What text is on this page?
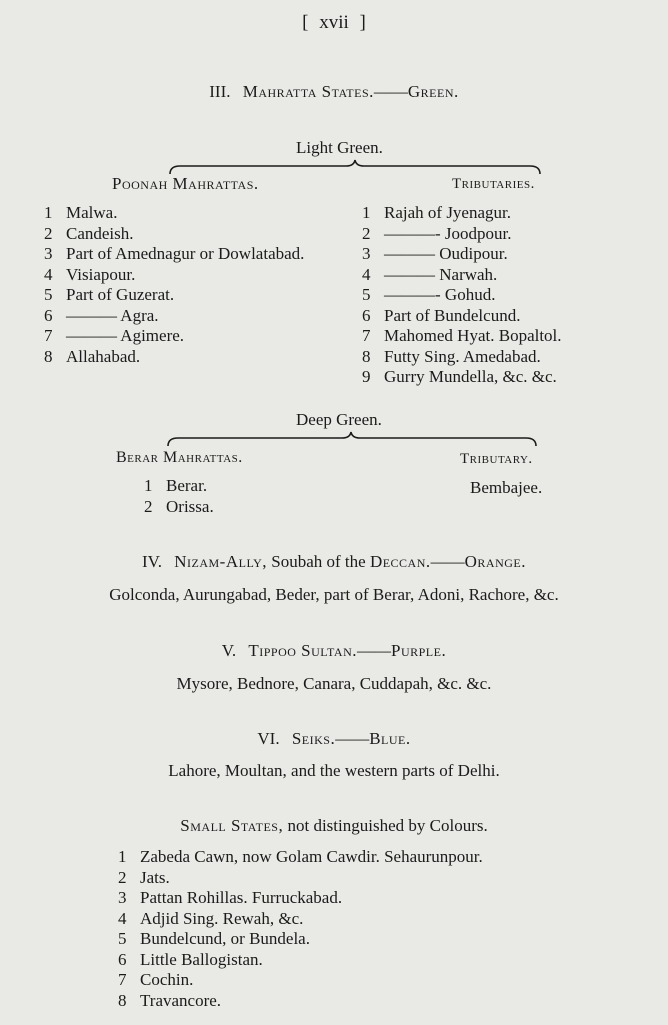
[ xvii ]
III. Mahratta States.——Green.
Light Green.
Poonah Mahrattas.	Tributaries.
1 Malwa.
2 Candeish.
3 Part of Amednagur or Dowlatabad.
4 Visiapour.
5 Part of Guzerat.
6 ——— Agra.
7 ——— Agimere.
8 Allahabad.
1 Rajah of Jyenagur.
2 ———- Joodpour.
3 ——— Oudipour.
4 ——— Narwah.
5 ———- Gohud.
6 Part of Bundelcund.
7 Mahomed Hyat. Bopaltol.
8 Futty Sing. Amedabad.
9 Gurry Mundella, &c. &c.
Deep Green.
Berar Mahrattas.	Tributary.
1 Berar.
2 Orissa.
Bembajee.
IV. Nizam-Ally, Soubah of the Deccan.——Orange.
Golconda, Aurungabad, Beder, part of Berar, Adoni, Rachore, &c.
V. Tippoo Sultan.——Purple.
Mysore, Bednore, Canara, Cuddapah, &c. &c.
VI. Seiks.——Blue.
Lahore, Moultan, and the western parts of Delhi.
Small States, not distinguished by Colours.
1 Zabeda Cawn, now Golam Cawdir. Sehaurunpour.
2 Jats.
3 Pattan Rohillas. Furruckabad.
4 Adjid Sing. Rewah, &c.
5 Bundelcund, or Bundela.
6 Little Ballogistan.
7 Cochin.
8 Travancore.
